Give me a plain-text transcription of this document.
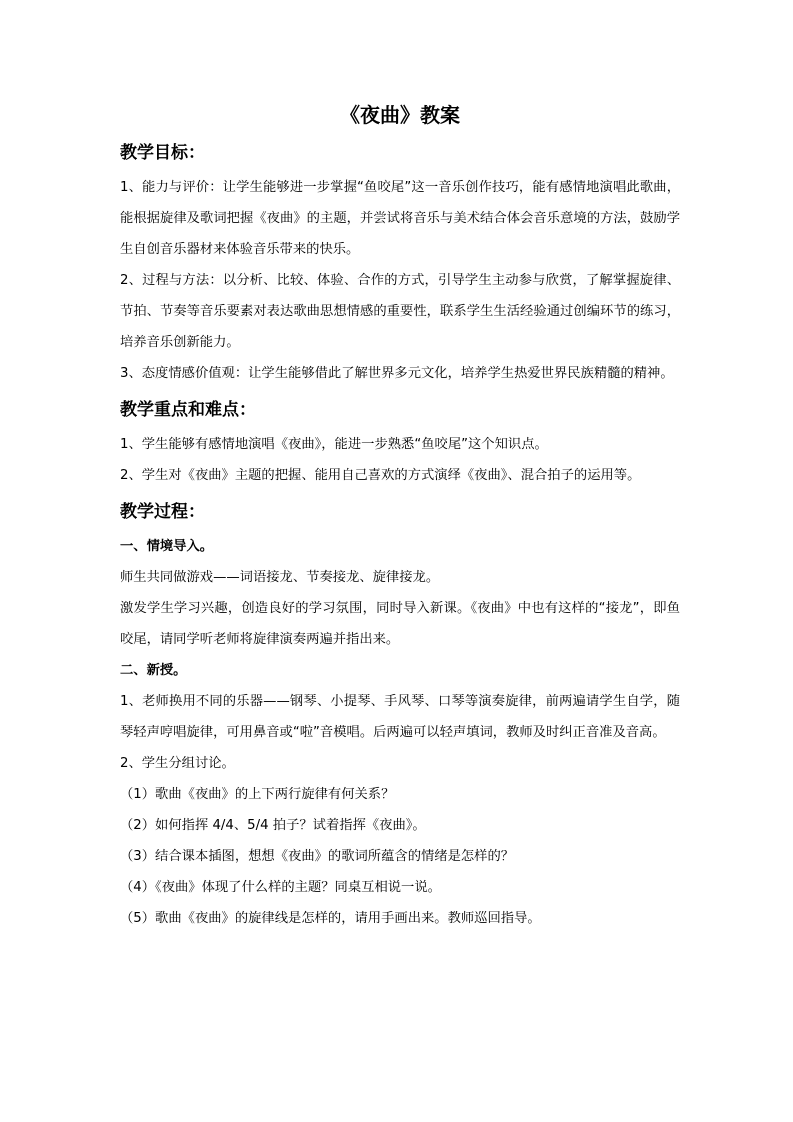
《夜曲》教案
教学目标：

1、能力与评价：让学生能够进一步掌握“鱼咬尾”这一音乐创作技巧，能有感情地演唱此歌曲，能根据旋律及歌词把握《夜曲》的主题，并尝试将音乐与美术结合体会音乐意境的方法，鼓励学生自创音乐器材来体验音乐带来的快乐。

2、过程与方法：以分析、比较、体验、合作的方式，引导学生主动参与欣赏，了解掌握旋律、节拍、节奏等音乐要素对表达歌曲思想情感的重要性，联系学生生活经验通过创编环节的练习，培养音乐创新能力。

3、态度情感价值观：让学生能够借此了解世界多元文化，培养学生热爱世界民族精髓的精神。

教学重点和难点：

1、学生能够有感情地演唱《夜曲》，能进一步熟悉“鱼咬尾”这个知识点。

2、学生对《夜曲》主题的把握、能用自己喜欢的方式演绎《夜曲》、混合拍子的运用等。

教学过程：

一、情境导入。

师生共同做游戏——词语接龙、节奏接龙、旋律接龙。

激发学生学习兴趣，创造良好的学习氛围，同时导入新课。《夜曲》中也有这样的“接龙”，即鱼咬尾，请同学听老师将旋律演奏两遍并指出来。

二、新授。

1、老师换用不同的乐器——钢琴、小提琴、手风琴、口琴等演奏旋律，前两遍请学生自学，随琴轻声哼唱旋律，可用鼻音或“啦”音模唱。后两遍可以轻声填词，教师及时纠正音准及音高。

2、学生分组讨论。

（1）歌曲《夜曲》的上下两行旋律有何关系？

（2）如何指挥 4/4、5/4 拍子？试着指挥《夜曲》。

（3）结合课本插图，想想《夜曲》的歌词所蕴含的情绪是怎样的？

（4）《夜曲》体现了什么样的主题？同桌互相说一说。

（5）歌曲《夜曲》的旋律线是怎样的，请用手画出来。教师巡回指导。
